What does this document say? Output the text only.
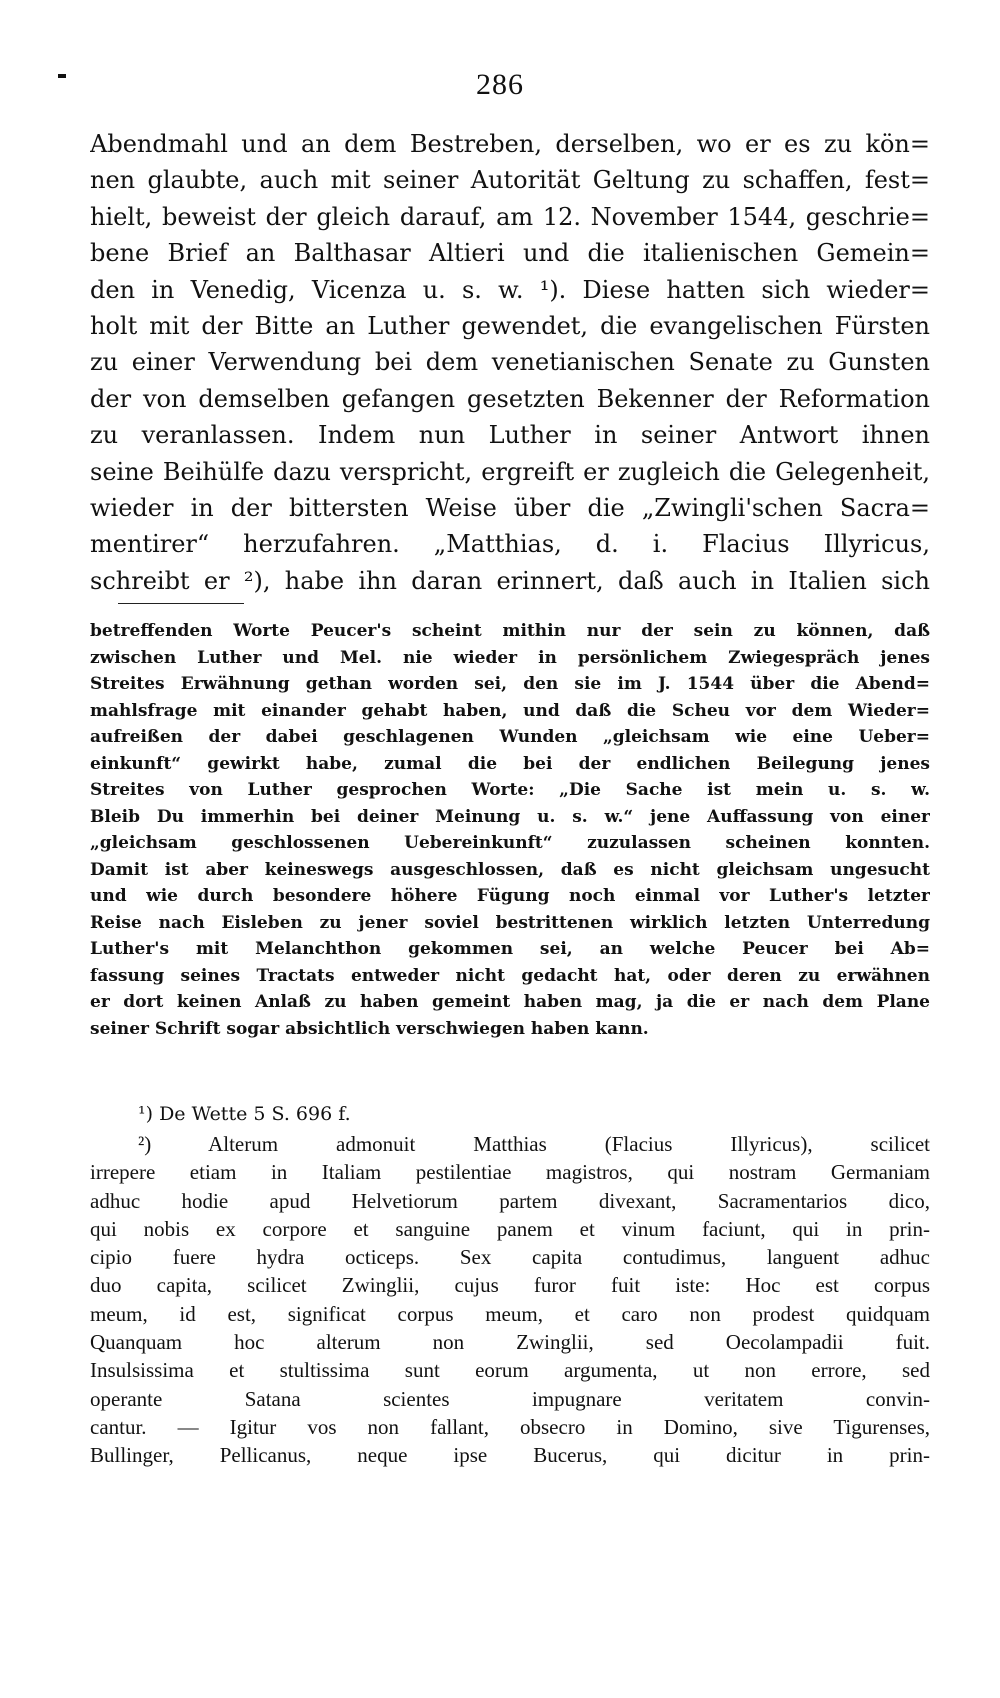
286
Abendmahl und an dem Bestreben, derselben, wo er es zu kön=
nen glaubte, auch mit seiner Autorität Geltung zu schaffen, fest=
hielt, beweist der gleich darauf, am 12. November 1544, geschrie=
bene Brief an Balthasar Altieri und die italienischen Gemein=
den in Venedig, Vicenza u. s. w. ¹). Diese hatten sich wieder=
holt mit der Bitte an Luther gewendet, die evangelischen Fürsten
zu einer Verwendung bei dem venetianischen Senate zu Gunsten
der von demselben gefangen gesetzten Bekenner der Reformation
zu veranlassen. Indem nun Luther in seiner Antwort ihnen
seine Beihülfe dazu verspricht, ergreift er zugleich die Gelegenheit,
wieder in der bittersten Weise über die „Zwingli'schen Sacra=
mentirer“ herzufahren. „Matthias, d. i. Flacius Illyricus,
schreibt er ²), habe ihn daran erinnert, daß auch in Italien sich
betreffenden Worte Peucer's scheint mithin nur der sein zu können, daß
zwischen Luther und Mel. nie wieder in persönlichem Zwiegespräch jenes
Streites Erwähnung gethan worden sei, den sie im J. 1544 über die Abend=
mahlsfrage mit einander gehabt haben, und daß die Scheu vor dem Wieder=
aufreißen der dabei geschlagenen Wunden „gleichsam wie eine Ueber=
einkunft“ gewirkt habe, zumal die bei der endlichen Beilegung jenes
Streites von Luther gesprochen Worte: „Die Sache ist mein u. s. w.
Bleib Du immerhin bei deiner Meinung u. s. w.“ jene Auffassung von einer
„gleichsam geschlossenen Uebereinkunft“ zuzulassen scheinen konnten.
Damit ist aber keineswegs ausgeschlossen, daß es nicht gleichsam ungesucht
und wie durch besondere höhere Fügung noch einmal vor Luther's letzter
Reise nach Eisleben zu jener soviel bestrittenen wirklich letzten Unterredung
Luther's mit Melanchthon gekommen sei, an welche Peucer bei Ab=
fassung seines Tractats entweder nicht gedacht hat, oder deren zu erwähnen
er dort keinen Anlaß zu haben gemeint haben mag, ja die er nach dem Plane
seiner Schrift sogar absichtlich verschwiegen haben kann.
¹) De Wette 5 S. 696 f.
²) Alterum admonuit Matthias (Flacius Illyricus), scilicet
irrepere etiam in Italiam pestilentiae magistros, qui nostram Germaniam
adhuc hodie apud Helvetiorum partem divexant, Sacramentarios dico,
qui nobis ex corpore et sanguine panem et vinum faciunt, qui in prin-
cipio fuere hydra octiceps. Sex capita contudimus, languent adhuc
duo capita, scilicet Zwinglii, cujus furor fuit iste: Hoc est corpus
meum, id est, significat corpus meum, et caro non prodest quidquam
Quanquam hoc alterum non Zwinglii, sed Oecolampadii fuit.
Insulsissima et stultissima sunt eorum argumenta, ut non errore, sed
operante Satana scientes impugnare veritatem convin-
cantur. — Igitur vos non fallant, obsecro in Domino, sive Tigurenses,
Bullinger, Pellicanus, neque ipse Bucerus, qui dicitur in prin-
